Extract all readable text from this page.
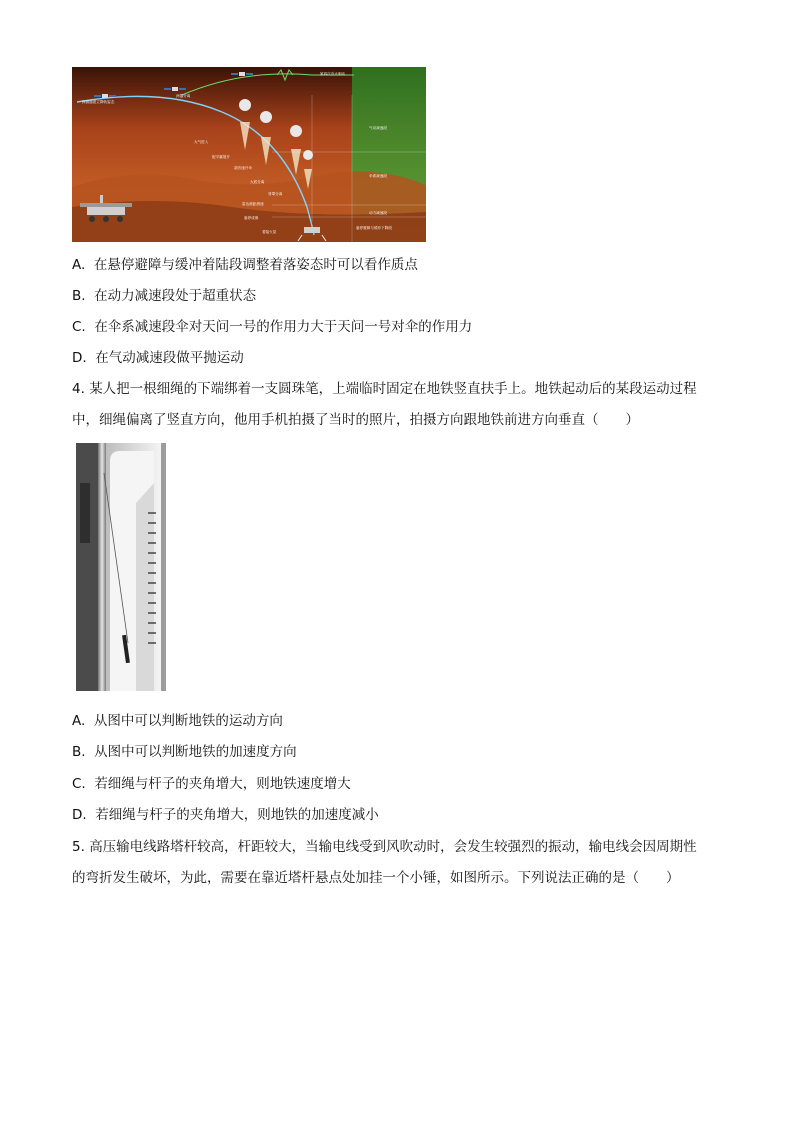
第四次近火制动
探测器建立降轨姿态
两器分离
大气进入
气动减速段
伞系减速段
动力减速段
悬停避障与缓冲下降段
配平翼展开
超音速开伞
大底分离
雷达测距测速
背罩分离
悬停成像
着陆火星
A. 在悬停避障与缓冲着陆段调整着落姿态时可以看作质点
B. 在动力减速段处于超重状态
C. 在伞系减速段伞对天问一号的作用力大于天问一号对伞的作用力
D. 在气动减速段做平抛运动
4. 某人把一根细绳的下端绑着一支圆珠笔，上端临时固定在地铁竖直扶手上。地铁起动后的某段运动过程
中，细绳偏离了竖直方向，他用手机拍摄了当时的照片，拍摄方向跟地铁前进方向垂直（　　）
A. 从图中可以判断地铁的运动方向
B. 从图中可以判断地铁的加速度方向
C. 若细绳与杆子的夹角增大，则地铁速度增大
D. 若细绳与杆子的夹角增大，则地铁的加速度减小
5. 高压输电线路塔杆较高，杆距较大，当输电线受到风吹动时，会发生较强烈的振动，输电线会因周期性
的弯折发生破坏，为此，需要在靠近塔杆悬点处加挂一个小锤，如图所示。下列说法正确的是（　　）
